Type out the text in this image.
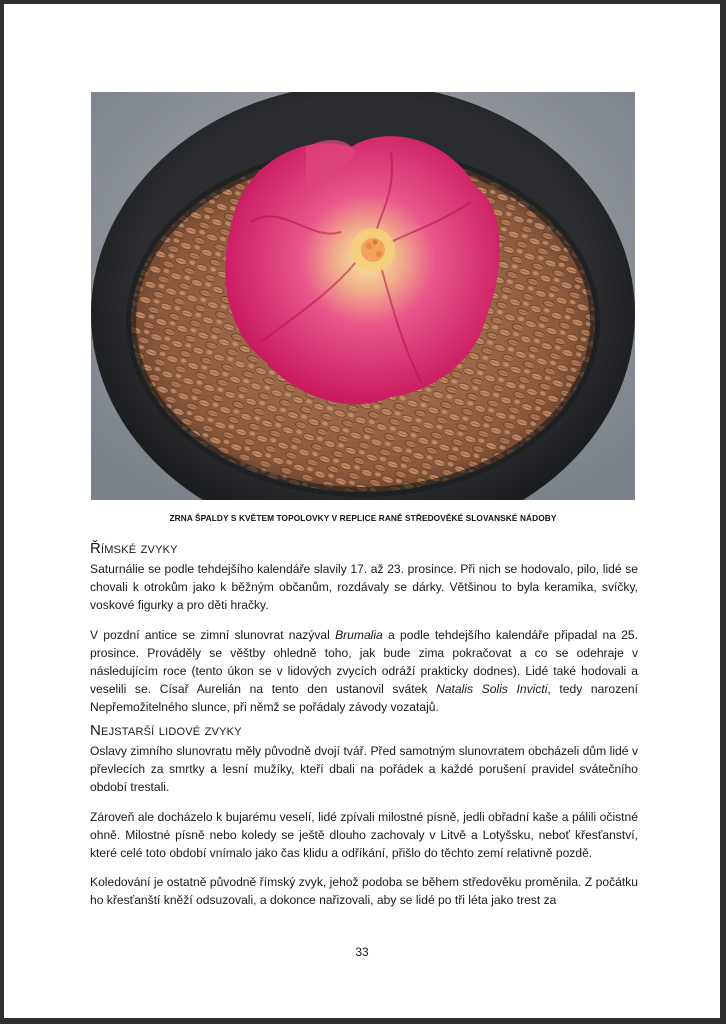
ZRNA ŠPALDY S KVĚTEM TOPOLOVKY V REPLICE RANĚ STŘEDOVĚKÉ SLOVANSKÉ NÁDOBY
Římské zvyky

Saturnálie se podle tehdejšího kalendáře slavily 17. až 23. prosince. Při nich se hodovalo, pilo, lidé se chovali k otrokům jako k běžným občanům, rozdávaly se dárky. Většinou to byla keramika, svíčky, voskové figurky a pro děti hračky.

V pozdní antice se zimní slunovrat nazýval Brumalia a podle tehdejšího kalendáře připadal na 25. prosince. Prováděly se věštby ohledně toho, jak bude zima pokračovat a co se odehraje v následujícím roce (tento úkon se v lidových zvycích odráží prakticky dodnes). Lidé také hodovali a veselili se. Císař Aurelián na tento den ustanovil svátek Natalis Solis Invicti, tedy narození Nepřemožitelného slunce, při němž se pořádaly závody vozatajů.

Nejstarší lidové zvyky

Oslavy zimního slunovratu měly původně dvojí tvář. Před samotným slunovratem obcházeli dům lidé v převlecích za smrtky a lesní mužíky, kteří dbali na pořádek a každé porušení pravidel svátečního období trestali.

Zároveň ale docházelo k bujarému veselí, lidé zpívali milostné písně, jedli obřadní kaše a pálili očistné ohně. Milostné písně nebo koledy se ještě dlouho zachovaly v Litvě a Lotyšsku, neboť křesťanství, které celé toto období vnímalo jako čas klidu a odříkání, přišlo do těchto zemí relativně pozdě.

Koledování je ostatně původně římský zvyk, jehož podoba se během středověku proměnila. Z počátku ho křesťanští kněží odsuzovali, a dokonce nařizovali, aby se lidé po tři léta jako trest za

33
